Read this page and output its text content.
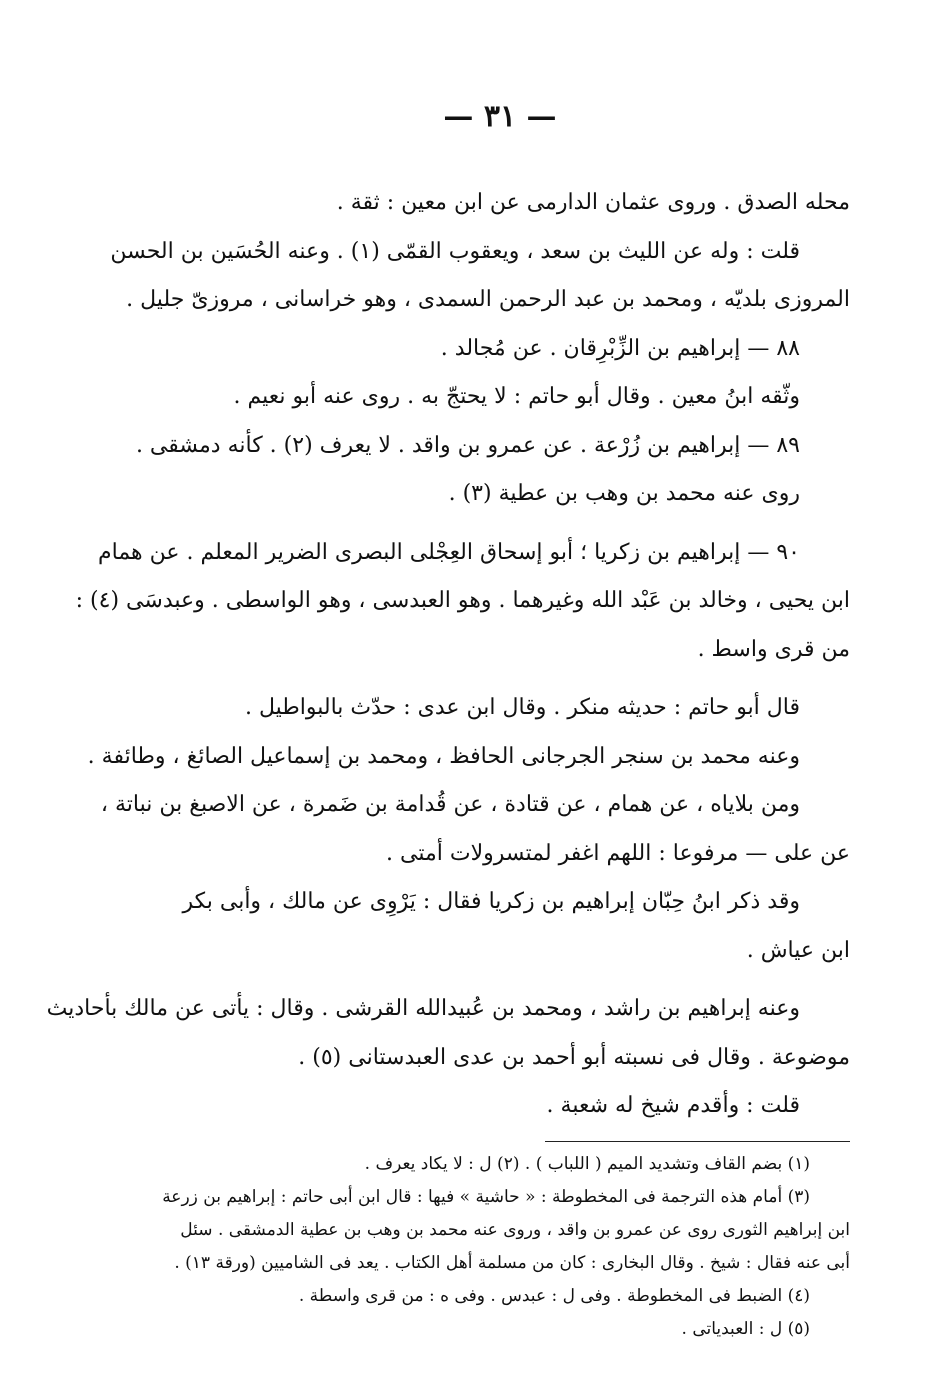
— ٣١ —
محله الصدق . وروى عثمان الدارمى عن ابن معين : ثقة .
قلت : وله عن الليث بن سعد ، ويعقوب القمّى (١) . وعنه الحُسَين بن الحسن
المروزى بلديّه ، ومحمد بن عبد الرحمن السمدى ، وهو خراسانى ، مروزىّ جليل .
٨٨ — إبراهيم بن الزِّبْرِقان . عن مُجالد .
وثّقه ابنُ معين . وقال أبو حاتم : لا يحتجّ به . روى عنه أبو نعيم .
٨٩ — إبراهيم بن زُرْعة . عن عمرو بن واقد . لا يعرف (٢) . كأنه دمشقى .
روى عنه محمد بن وهب بن عطية (٣) .
٩٠ — إبراهيم بن زكريا ؛ أبو إسحاق العِجْلى البصرى الضرير المعلم . عن همام
ابن يحيى ، وخالد بن عَبْد الله وغيرهما . وهو العبدسى ، وهو الواسطى . وعبدسَى (٤) :
من قرى واسط .
قال أبو حاتم : حديثه منكر . وقال ابن عدى : حدّث بالبواطيل .
وعنه محمد بن سنجر الجرجانى الحافظ ، ومحمد بن إسماعيل الصائغ ، وطائفة .
ومن بلاياه ، عن همام ، عن قتادة ، عن قُدامة بن ضَمرة ، عن الاصبغ بن نباتة ،
عن على — مرفوعا : اللهم اغفر لمتسرولات أمتى .
وقد ذكر ابنُ حِبّان إبراهيم بن زكريا فقال : يَرْوِى عن مالك ، وأبى بكر
ابن عياش .
وعنه إبراهيم بن راشد ، ومحمد بن عُبيدالله القرشى . وقال : يأتى عن مالك بأحاديث
موضوعة . وقال فى نسبته أبو أحمد بن عدى العبدستانى (٥) .
قلت : وأقدم شيخ له شعبة .
(١) بضم القاف وتشديد الميم ( اللباب ) . (٢) ل : لا يكاد يعرف .
(٣) أمام هذه الترجمة فى المخطوطة : « حاشية » فيها : قال ابن أبى حاتم : إبراهيم بن زرعة
ابن إبراهيم الثورى روى عن عمرو بن واقد ، وروى عنه محمد بن وهب بن عطية الدمشقى . سئل
أبى عنه فقال : شيخ . وقال البخارى : كان من مسلمة أهل الكتاب . يعد فى الشاميين (ورقة ١٣) .
(٤) الضبط فى المخطوطة . وفى ل : عبدس . وفى ه : من قرى واسطة .
(٥) ل : العبدياتى .
